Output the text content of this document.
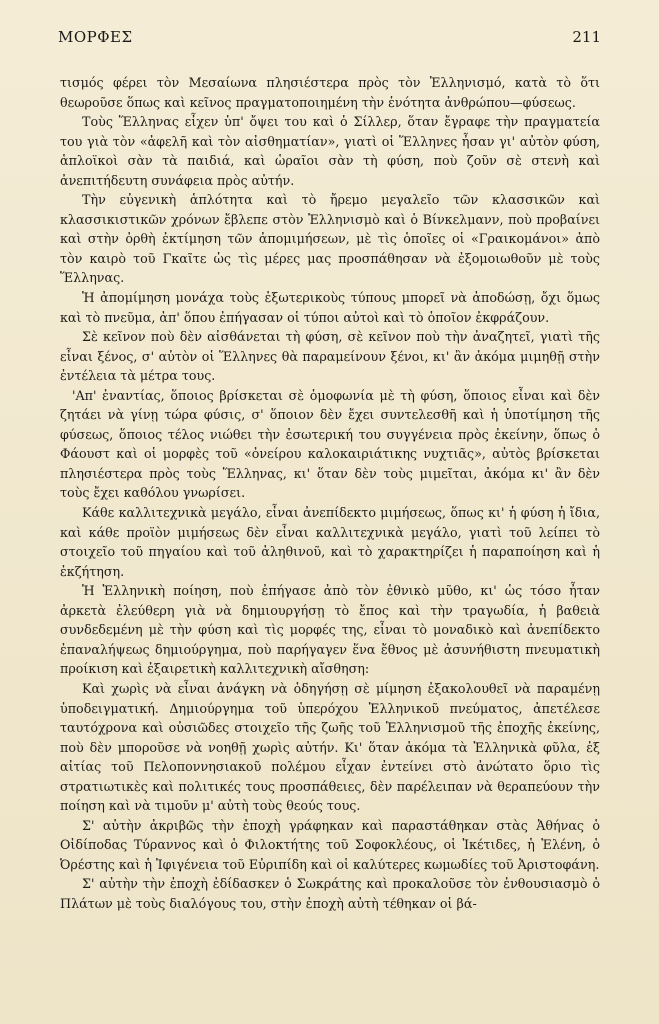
ΜΟΡΦΕΣ	211

τισμός φέρει τὸν Μεσαίωνα πλησιέστερα πρὸς τὸν Ἑλληνισμό, κατὰ τὸ ὅτι θεωροῦσε ὅπως καὶ κεῖνος πραγματοποιημένη τὴν ἑνότητα ἀνθρώπου—φύσεως.

Τοὺς Ἕλληνας εἶχεν ὑπ' ὄψει του καὶ ὁ Σίλλερ, ὅταν ἔγραφε τὴν πραγματεία του γιὰ τὸν «ἀφελῆ καὶ τὸν αἰσθηματίαν», γιατὶ οἱ Ἕλληνες ἦσαν γι' αὐτὸν φύση, ἁπλοϊκοὶ σὰν τὰ παιδιά, καὶ ὡραῖοι σὰν τὴ φύση, ποὺ ζοῦν σὲ στενὴ καὶ ἀνεπιτήδευτη συνάφεια πρὸς αὐτήν.

Τὴν εὐγενικὴ ἁπλότητα καὶ τὸ ἤρεμο μεγαλεῖο τῶν κλασσικῶν καὶ κλασσικιστικῶν χρόνων ἔβλεπε στὸν Ἑλληνισμὸ καὶ ὁ Βίνκελμανν, ποὺ προβαίνει καὶ στὴν ὀρθὴ ἐκτίμηση τῶν ἀπομιμήσεων, μὲ τὶς ὁποῖες οἱ «Γραικομάνοι» ἀπὸ τὸν καιρὸ τοῦ Γκαῖτε ὡς τὶς μέρες μας προσπάθησαν νὰ ἐξομοιωθοῦν μὲ τοὺς Ἕλληνας.

Ἡ ἀπομίμηση μονάχα τοὺς ἐξωτερικοὺς τύπους μπορεῖ νὰ ἀποδώσῃ, ὄχι ὅμως καὶ τὸ πνεῦμα, ἀπ' ὅπου ἐπήγασαν οἱ τύποι αὐτοὶ καὶ τὸ ὁποῖον ἐκφράζουν.

Σὲ κεῖνον ποὺ δὲν αἰσθάνεται τὴ φύση, σὲ κεῖνον ποὺ τὴν ἀναζητεῖ, γιατὶ τῆς εἶναι ξένος, σ' αὐτὸν οἱ Ἕλληνες θὰ παραμείνουν ξένοι, κι' ἂν ἀκόμα μιμηθῇ στὴν ἐντέλεια τὰ μέτρα τους.

'Απ' ἐναντίας, ὅποιος βρίσκεται σὲ ὁμοφωνία μὲ τὴ φύση, ὅποιος εἶναι καὶ δὲν ζητάει νὰ γίνῃ τώρα φύσις, σ' ὅποιον δὲν ἔχει συντελεσθῆ καὶ ἡ ὑποτίμηση τῆς φύσεως, ὅποιος τέλος νιώθει τὴν ἐσωτερική του συγγένεια πρὸς ἐκείνην, ὅπως ὁ Φάουστ καὶ οἱ μορφὲς τοῦ «ὀνείρου καλοκαιριάτικης νυχτιᾶς», αὐτὸς βρίσκεται πλησιέστερα πρὸς τοὺς Ἕλληνας, κι' ὅταν δὲν τοὺς μιμεῖται, ἀκόμα κι' ἂν δὲν τοὺς ἔχει καθόλου γνωρίσει.

Κάθε καλλιτεχνικὰ μεγάλο, εἶναι ἀνεπίδεκτο μιμήσεως, ὅπως κι' ἡ φύση ἡ ἴδια, καὶ κάθε προϊὸν μιμήσεως δὲν εἶναι καλλιτεχνικὰ μεγάλο, γιατὶ τοῦ λείπει τὸ στοιχεῖο τοῦ πηγαίου καὶ τοῦ ἀληθινοῦ, καὶ τὸ χαρακτηρίζει ἡ παραποίηση καὶ ἡ ἐκζήτηση.

Ἡ Ἑλληνικὴ ποίηση, ποὺ ἐπήγασε ἀπὸ τὸν ἐθνικὸ μῦθο, κι' ὡς τόσο ἦταν ἀρκετὰ ἐλεύθερη γιὰ νὰ δημιουργήσῃ τὸ ἔπος καὶ τὴν τραγωδία, ἡ βαθειὰ συνδεδεμένη μὲ τὴν φύση καὶ τὶς μορφές της, εἶναι τὸ μοναδικὸ καὶ ἀνεπίδεκτο ἐπαναλήψεως δημιούργημα, ποὺ παρήγαγεν ἕνα ἔθνος μὲ ἀσυνήθιστη πνευματικὴ προίκιση καὶ ἐξαιρετικὴ καλλιτεχνικὴ αἴσθηση:

Καὶ χωρὶς νὰ εἶναι ἀνάγκη νὰ ὁδηγήσῃ σὲ μίμηση ἐξακολουθεῖ νὰ παραμένῃ ὑποδειγματική. Δημιούργημα τοῦ ὑπερόχου Ἑλληνικοῦ πνεύματος, ἀπετέλεσε ταυτόχρονα καὶ οὐσιῶδες στοιχεῖο τῆς ζωῆς τοῦ Ἑλληνισμοῦ τῆς ἐποχῆς ἐκείνης, ποὺ δὲν μποροῦσε νὰ νοηθῇ χωρὶς αὐτήν. Κι' ὅταν ἀκόμα τὰ Ἑλληνικὰ φῦλα, ἐξ αἰτίας τοῦ Πελοποννησιακοῦ πολέμου εἶχαν ἐντείνει στὸ ἀνώτατο ὅριο τὶς στρατιωτικὲς καὶ πολιτικές τους προσπάθειες, δὲν παρέλειπαν νὰ θεραπεύουν τὴν ποίηση καὶ νὰ τιμοῦν μ' αὐτὴ τοὺς θεούς τους.

Σ' αὐτὴν ἀκριβῶς τὴν ἐποχὴ γράφηκαν καὶ παραστάθηκαν στὰς Ἀθήνας ὁ Οἰδίποδας Τύραννος καὶ ὁ Φιλοκτήτης τοῦ Σοφοκλέους, οἱ Ἱκέτιδες, ἡ Ἑλένη, ὁ Ὀρέστης καὶ ἡ Ἰφιγένεια τοῦ Εὐριπίδη καὶ οἱ καλύτερες κωμωδίες τοῦ Ἀριστοφάνη.

Σ' αὐτὴν τὴν ἐποχὴ ἐδίδασκεν ὁ Σωκράτης καὶ προκαλοῦσε τὸν ἐνθουσιασμὸ ὁ Πλάτων μὲ τοὺς διαλόγους του, στὴν ἐποχὴ αὐτὴ τέθηκαν οἱ βά-
